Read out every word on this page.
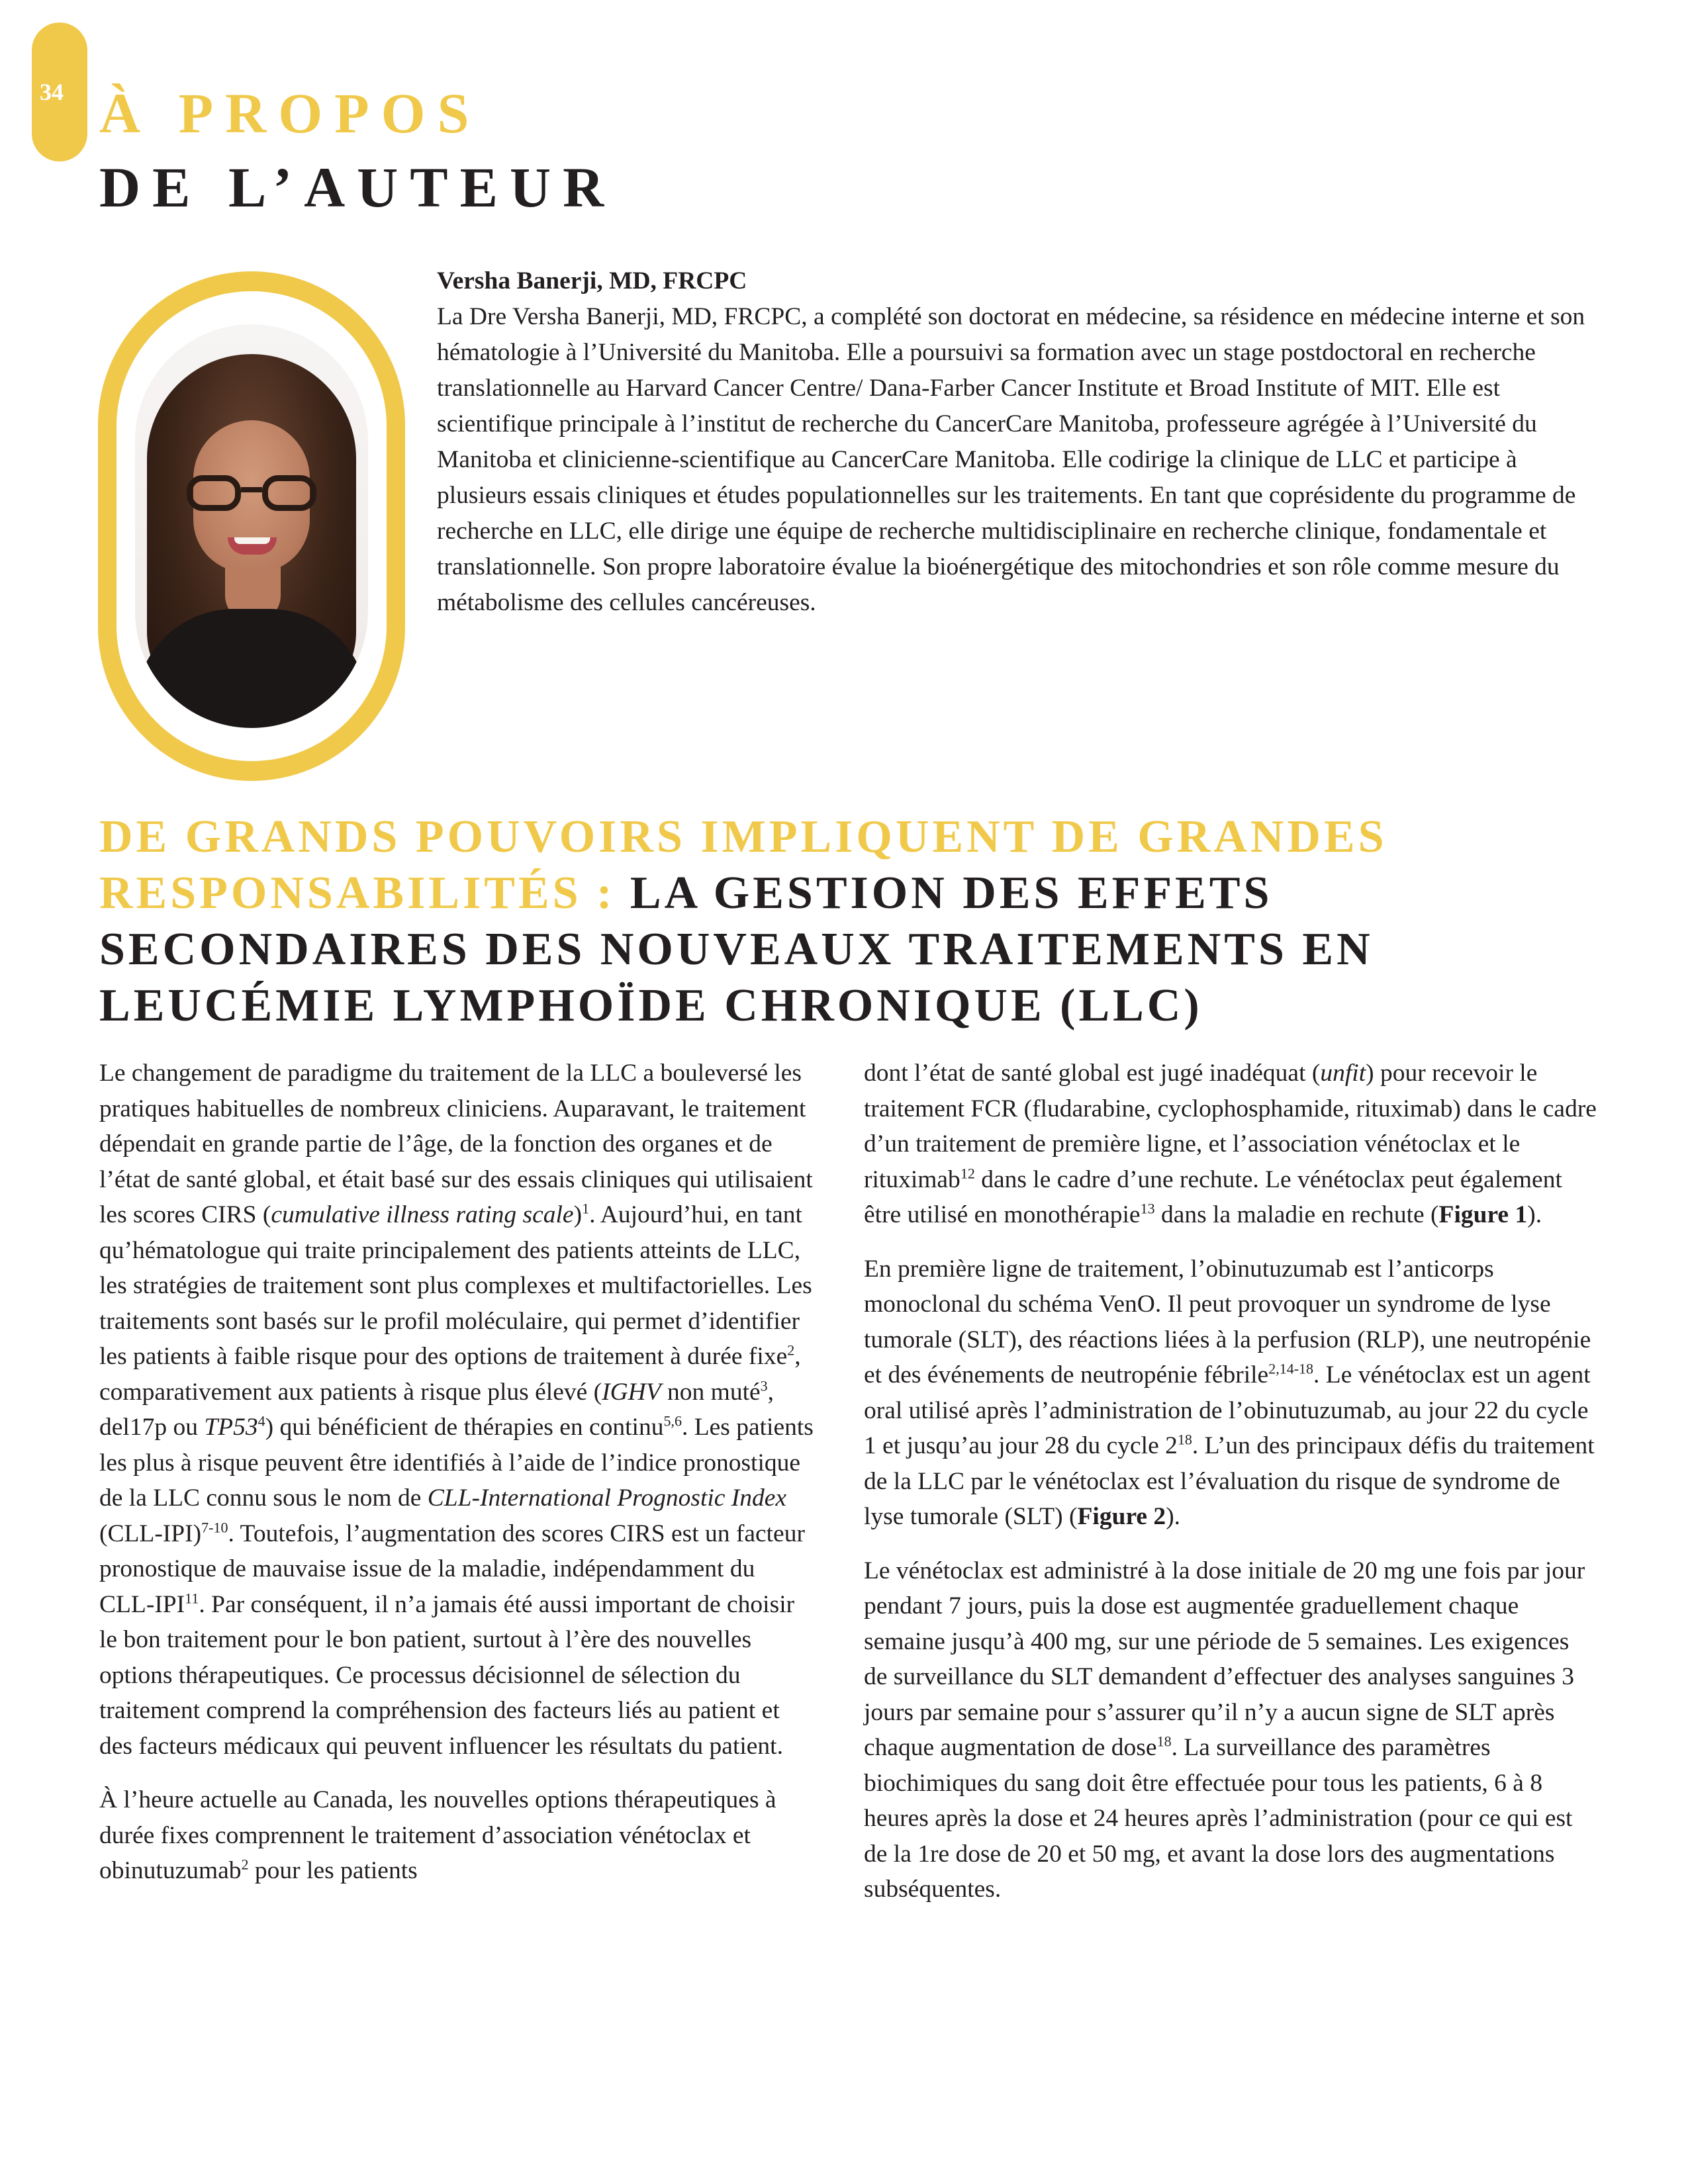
34 À PROPOS
DE L’AUTEUR
Versha Banerji, MD, FRCPC
La Dre Versha Banerji, MD, FRCPC, a complété son doctorat en médecine, sa résidence en médecine interne et son hématologie à l’Université du Manitoba. Elle a poursuivi sa formation avec un stage postdoctoral en recherche translationnelle au Harvard Cancer Centre/ Dana-Farber Cancer Institute et Broad Institute of MIT. Elle est scientifique principale à l’institut de recherche du CancerCare Manitoba, professeure agrégée à l’Université du Manitoba et clinicienne-scientifique au CancerCare Manitoba. Elle codirige la clinique de LLC et participe à plusieurs essais cliniques et études populationnelles sur les traitements. En tant que coprésidente du programme de recherche en LLC, elle dirige une équipe de recherche multidisciplinaire en recherche clinique, fondamentale et translationnelle. Son propre laboratoire évalue la bioénergétique des mitochondries et son rôle comme mesure du métabolisme des cellules cancéreuses.
DE GRANDS POUVOIRS IMPLIQUENT DE GRANDES RESPONSABILITÉS : LA GESTION DES EFFETS SECONDAIRES DES NOUVEAUX TRAITEMENTS EN LEUCÉMIE LYMPHOÏDE CHRONIQUE (LLC)

Le changement de paradigme du traitement de la LLC a bouleversé les pratiques habituelles de nombreux cliniciens. Auparavant, le traitement dépendait en grande partie de l’âge, de la fonction des organes et de l’état de santé global, et était basé sur des essais cliniques qui utilisaient les scores CIRS (cumulative illness rating scale)$^1$. Aujourd’hui, en tant qu’hématologue qui traite principalement des patients atteints de LLC, les stratégies de traitement sont plus complexes et multifactorielles. Les traitements sont basés sur le profil moléculaire, qui permet d’identifier les patients à faible risque pour des options de traitement à durée fixe$^2$, comparativement aux patients à risque plus élevé (IGHV non muté$^3$, del17p ou $TP53^4$) qui bénéficient de thérapies en continu$^{5,6}$. Les patients les plus à risque peuvent être identifiés à l’aide de l’indice pronostique de la LLC connu sous le nom de CLL-International Prognostic Index $(CLL-IPI)^{7-10}$. Toutefois, l’augmentation des scores CIRS est un facteur pronostique de mauvaise issue de la maladie, indépendamment du CLL-IPI$^{11}$. Par conséquent, il n’a jamais été aussi important de choisir le bon traitement pour le bon patient, surtout à l’ère des nouvelles options thérapeutiques. Ce processus décisionnel de sélection du traitement comprend la compréhension des facteurs liés au patient et des facteurs médicaux qui peuvent influencer les résultats du patient.

À l’heure actuelle au Canada, les nouvelles options thérapeutiques à durée fixes comprennent le traitement d’association vénétoclax et obinutuzumab$^2$ pour les patients

dont l’état de santé global est jugé inadéquat (unfit) pour recevoir le traitement FCR (fludarabine, cyclophosphamide, rituximab) dans le cadre d’un traitement de première ligne, et l’association vénétoclax et le rituximab$^{12}$ dans le cadre d’une rechute. Le vénétoclax peut également être utilisé en monothérapie$^{13}$ dans la maladie en rechute (Figure 1).

En première ligne de traitement, l’obinutuzumab est l’anticorps monoclonal du schéma VenO. Il peut provoquer un syndrome de lyse tumorale (SLT), des réactions liées à la perfusion (RLP), une neutropénie et des événements de neutropénie fébrile$^{2,14-18}$. Le vénétoclax est un agent oral utilisé après l’administration de l’obinutuzumab, au jour 22 du cycle 1 et jusqu’au jour 28 du cycle $2^{18}$. L’un des principaux défis du traitement de la LLC par le vénétoclax est l’évaluation du risque de syndrome de lyse tumorale (SLT) (Figure 2).

Le vénétoclax est administré à la dose initiale de 20 mg une fois par jour pendant 7 jours, puis la dose est augmentée graduellement chaque semaine jusqu’à 400 mg, sur une période de 5 semaines. Les exigences de surveillance du SLT demandent d’effectuer des analyses sanguines 3 jours par semaine pour s’assurer qu’il n’y a aucun signe de SLT après chaque augmentation de dose$^{18}$. La surveillance des paramètres biochimiques du sang doit être effectuée pour tous les patients, 6 à 8 heures après la dose et 24 heures après l’administration (pour ce qui est de la 1re dose de 20 et 50 mg, et avant la dose lors des augmentations subséquentes.
